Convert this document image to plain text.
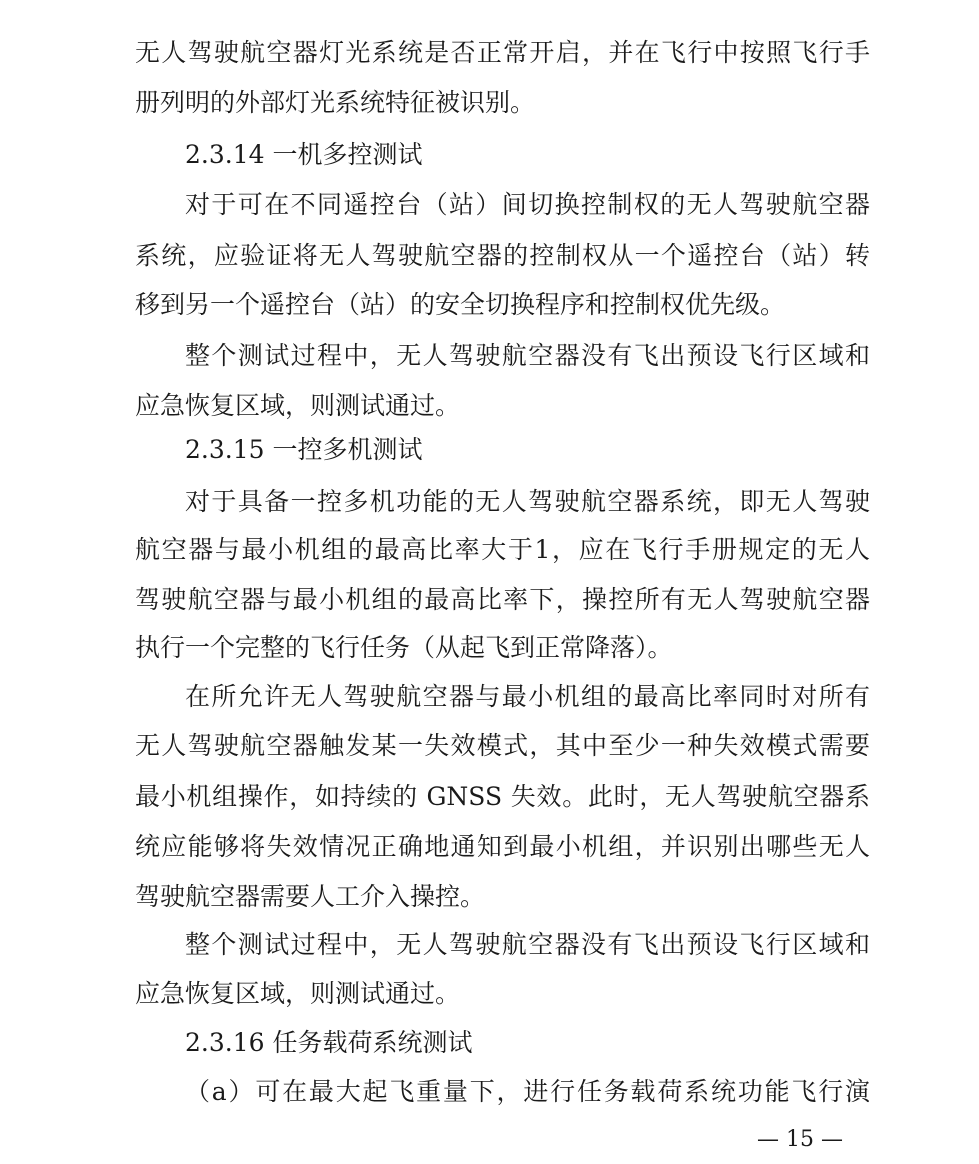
无人驾驶航空器灯光系统是否正常开启，并在飞行中按照飞行手
册列明的外部灯光系统特征被识别。
2.3.14 一机多控测试
对于可在不同遥控台（站）间切换控制权的无人驾驶航空器
系统，应验证将无人驾驶航空器的控制权从一个遥控台（站）转
移到另一个遥控台（站）的安全切换程序和控制权优先级。
整个测试过程中，无人驾驶航空器没有飞出预设飞行区域和
应急恢复区域，则测试通过。
2.3.15 一控多机测试
对于具备一控多机功能的无人驾驶航空器系统，即无人驾驶
航空器与最小机组的最高比率大于1，应在飞行手册规定的无人
驾驶航空器与最小机组的最高比率下，操控所有无人驾驶航空器
执行一个完整的飞行任务（从起飞到正常降落）。
在所允许无人驾驶航空器与最小机组的最高比率同时对所有
无人驾驶航空器触发某一失效模式，其中至少一种失效模式需要
最小机组操作，如持续的 GNSS 失效。此时，无人驾驶航空器系
统应能够将失效情况正确地通知到最小机组，并识别出哪些无人
驾驶航空器需要人工介入操控。
整个测试过程中，无人驾驶航空器没有飞出预设飞行区域和
应急恢复区域，则测试通过。
2.3.16 任务载荷系统测试
（a）可在最大起飞重量下，进行任务载荷系统功能飞行演
— 15 —
